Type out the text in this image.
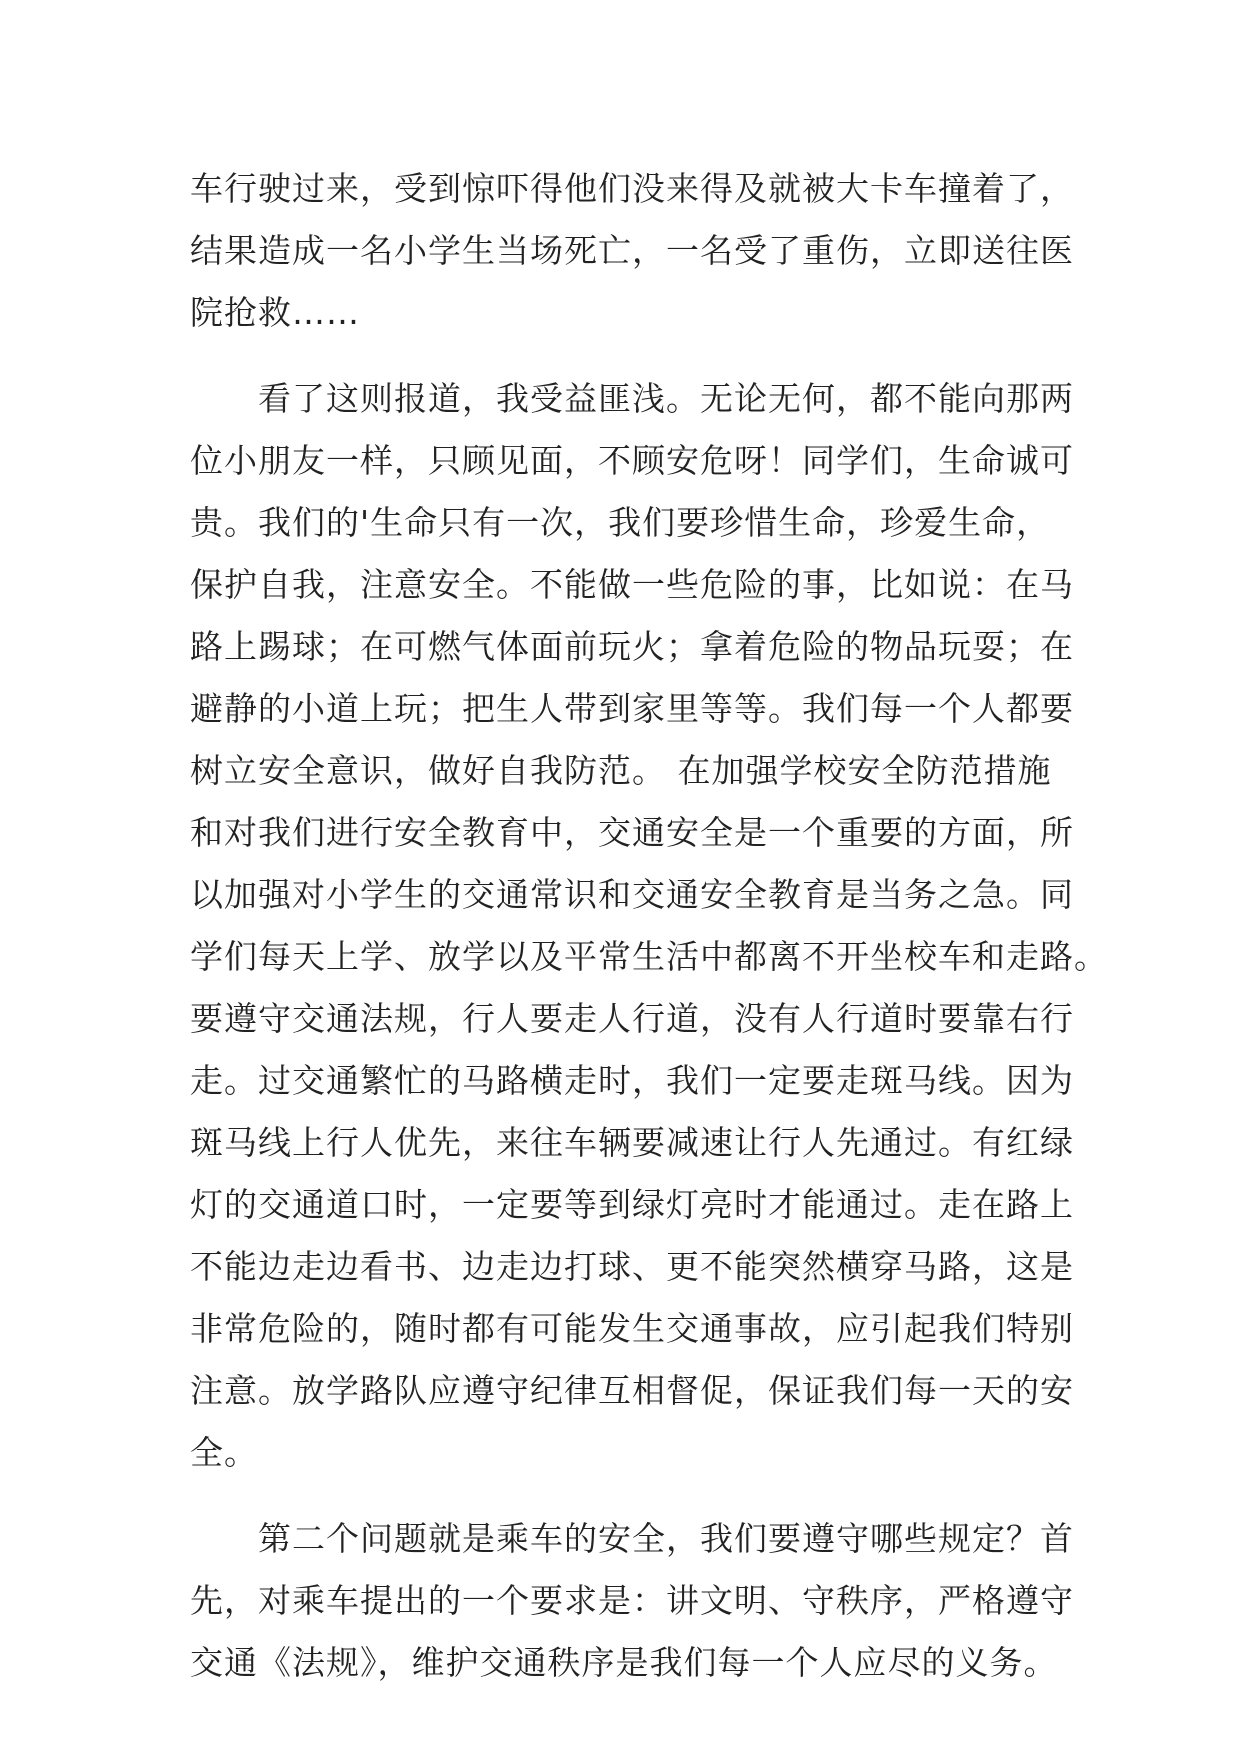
车行驶过来，受到惊吓得他们没来得及就被大卡车撞着了，
结果造成一名小学生当场死亡，一名受了重伤，立即送往医
院抢救……
看了这则报道，我受益匪浅。无论无何，都不能向那两
位小朋友一样，只顾见面，不顾安危呀！同学们，生命诚可
贵。我们的'生命只有一次，我们要珍惜生命，珍爱生命，
保护自我，注意安全。不能做一些危险的事，比如说：在马
路上踢球；在可燃气体面前玩火；拿着危险的物品玩耍；在
避静的小道上玩；把生人带到家里等等。我们每一个人都要
树立安全意识，做好自我防范。 在加强学校安全防范措施
和对我们进行安全教育中，交通安全是一个重要的方面，所
以加强对小学生的交通常识和交通安全教育是当务之急。同
学们每天上学、放学以及平常生活中都离不开坐校车和走路。
要遵守交通法规，行人要走人行道，没有人行道时要靠右行
走。过交通繁忙的马路横走时，我们一定要走斑马线。因为
斑马线上行人优先，来往车辆要减速让行人先通过。有红绿
灯的交通道口时，一定要等到绿灯亮时才能通过。走在路上
不能边走边看书、边走边打球、更不能突然横穿马路，这是
非常危险的，随时都有可能发生交通事故，应引起我们特别
注意。放学路队应遵守纪律互相督促，保证我们每一天的安
全。
第二个问题就是乘车的安全，我们要遵守哪些规定？首
先，对乘车提出的一个要求是：讲文明、守秩序，严格遵守
交通《法规》，维护交通秩序是我们每一个人应尽的义务。
